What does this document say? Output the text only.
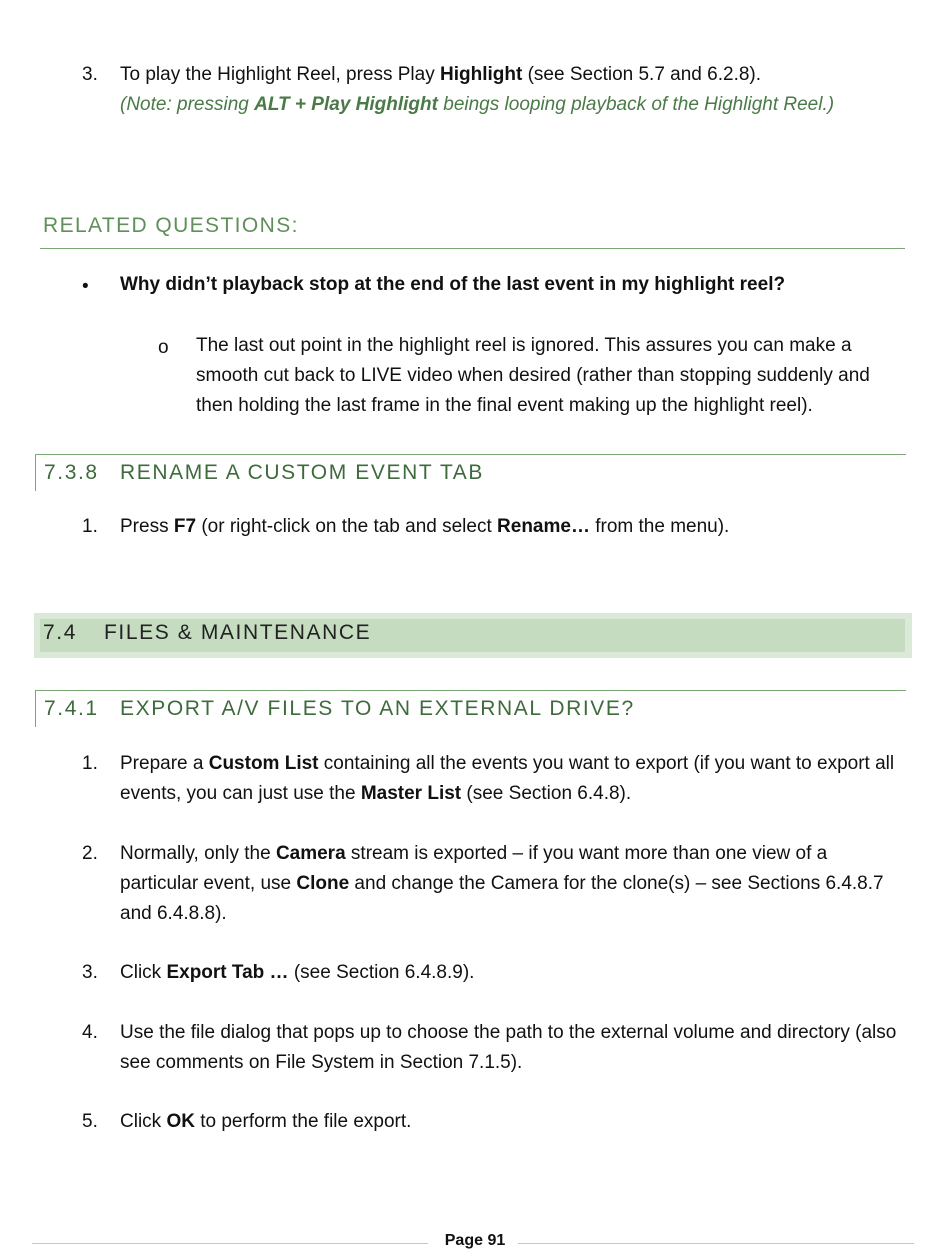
3. To play the Highlight Reel, press Play Highlight (see Section 5.7 and 6.2.8).
(Note: pressing ALT + Play Highlight beings looping playback of the Highlight Reel.)
RELATED QUESTIONS:
• Why didn’t playback stop at the end of the last event in my highlight reel?
o The last out point in the highlight reel is ignored. This assures you can make a smooth cut back to LIVE video when desired (rather than stopping suddenly and then holding the last frame in the final event making up the highlight reel).
7.3.8 RENAME A CUSTOM EVENT TAB
1. Press F7 (or right-click on the tab and select Rename… from the menu).
7.4 FILES & MAINTENANCE
7.4.1 EXPORT A/V FILES TO AN EXTERNAL DRIVE?
1. Prepare a Custom List containing all the events you want to export (if you want to export all events, you can just use the Master List (see Section 6.4.8).
2. Normally, only the Camera stream is exported – if you want more than one view of a particular event, use Clone and change the Camera for the clone(s) – see Sections 6.4.8.7 and 6.4.8.8).
3. Click Export Tab … (see Section 6.4.8.9).
4. Use the file dialog that pops up to choose the path to the external volume and directory (also see comments on File System in Section 7.1.5).
5. Click OK to perform the file export.
Page 91
